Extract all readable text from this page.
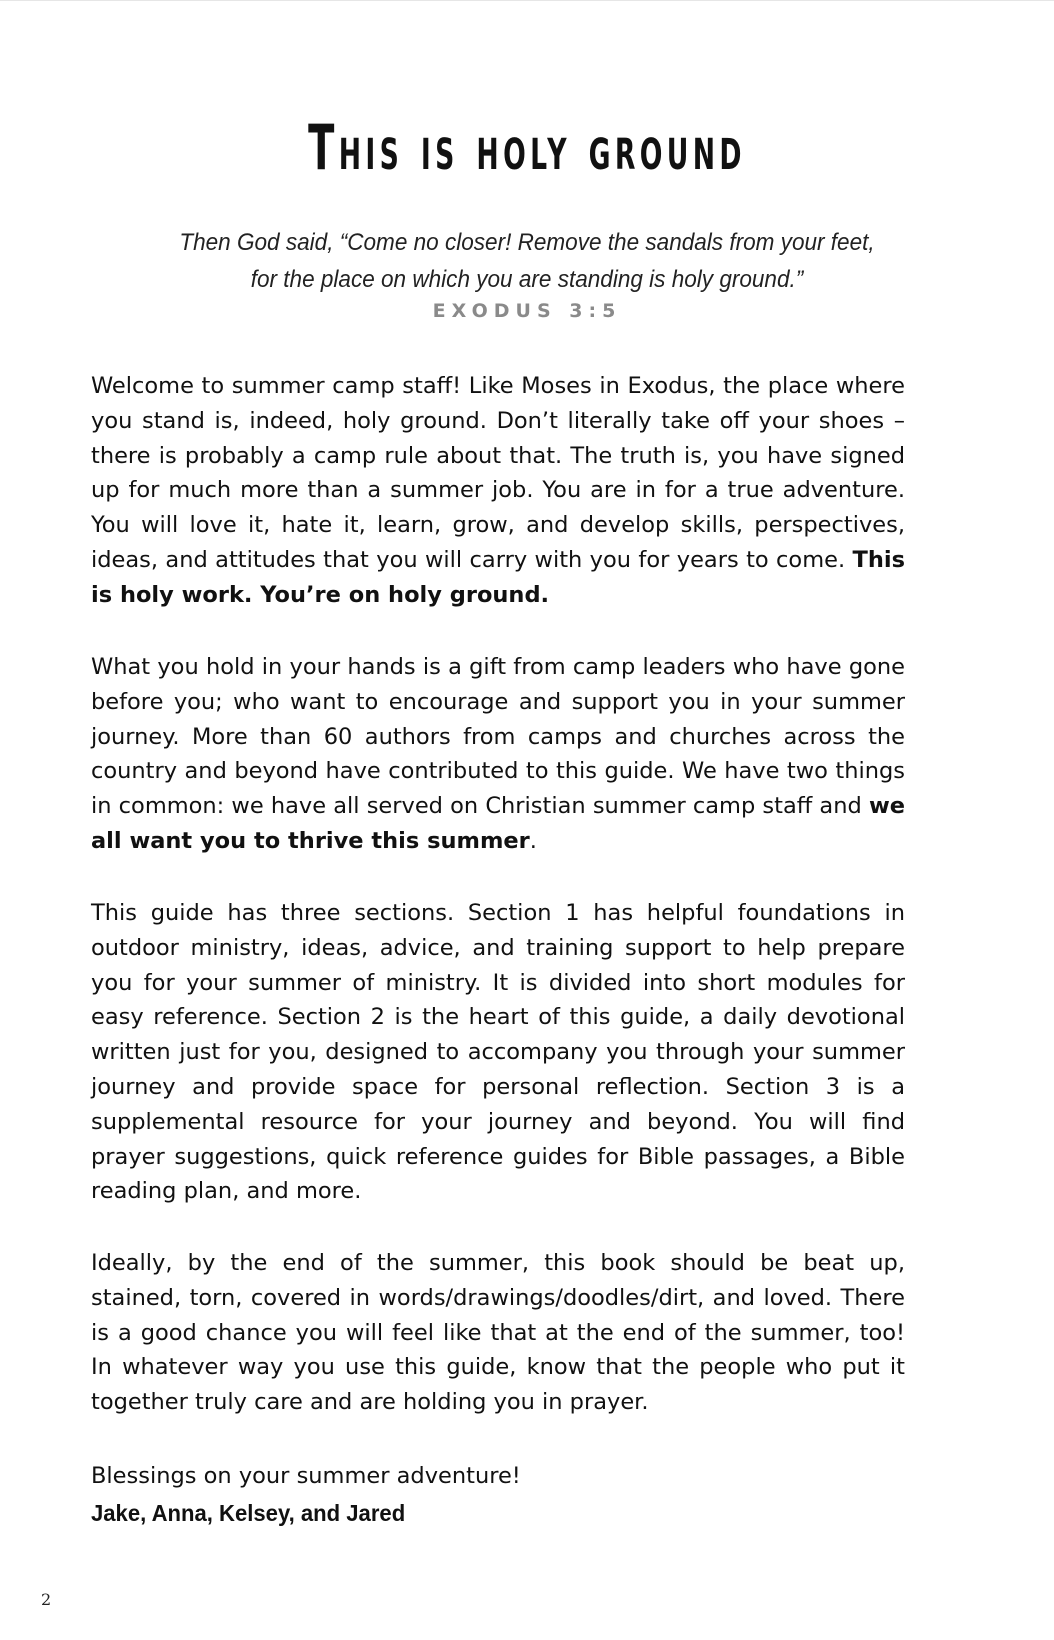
This is holy ground
Then God said, “Come no closer! Remove the sandals from your feet,
for the place on which you are standing is holy ground.”
EXODUS 3:5

Welcome to summer camp staff! Like Moses in Exodus, the place where you stand is, indeed, holy ground. Don’t literally take off your shoes – there is probably a camp rule about that. The truth is, you have signed up for much more than a summer job. You are in for a true adventure. You will love it, hate it, learn, grow, and develop skills, perspectives, ideas, and attitudes that you will carry with you for years to come. This is holy work. You’re on holy ground.

What you hold in your hands is a gift from camp leaders who have gone before you; who want to encourage and support you in your summer journey. More than 60 authors from camps and churches across the country and beyond have contributed to this guide. We have two things in common: we have all served on Christian summer camp staff and we all want you to thrive this summer.

This guide has three sections. Section 1 has helpful foundations in outdoor ministry, ideas, advice, and training support to help prepare you for your summer of ministry. It is divided into short modules for easy reference. Section 2 is the heart of this guide, a daily devotional written just for you, designed to accompany you through your summer journey and provide space for personal reflection. Section 3 is a supplemental resource for your journey and beyond. You will find prayer suggestions, quick reference guides for Bible passages, a Bible reading plan, and more.

Ideally, by the end of the summer, this book should be beat up, stained, torn, covered in words/drawings/doodles/dirt, and loved. There is a good chance you will feel like that at the end of the summer, too! In whatever way you use this guide, know that the people who put it together truly care and are holding you in prayer.

Blessings on your summer adventure!
Jake, Anna, Kelsey, and Jared
2
